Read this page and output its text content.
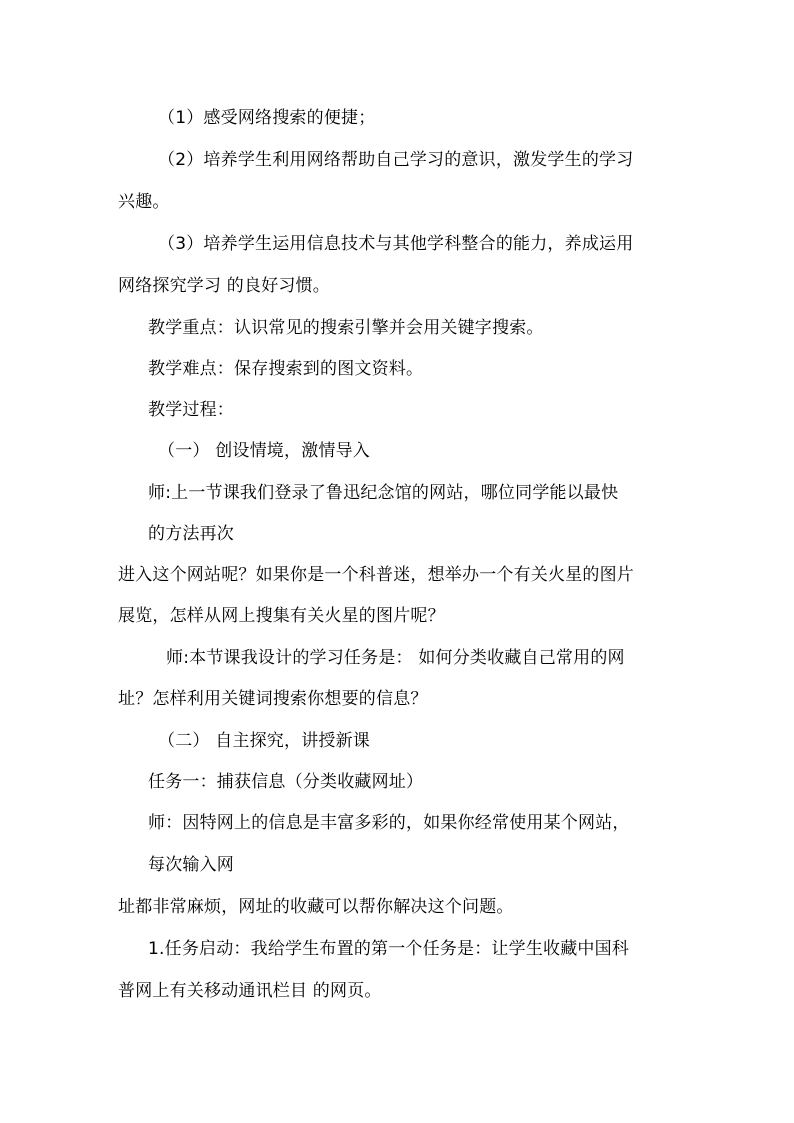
（1）感受网络搜索的便捷；
（2）培养学生利用网络帮助自己学习的意识，激发学生的学习
兴趣。
（3）培养学生运用信息技术与其他学科整合的能力，养成运用
网络探究学习 的良好习惯。
教学重点：认识常见的搜索引擎并会用关键字搜索。
教学难点：保存搜索到的图文资料。
教学过程：
（一） 创设情境，激情导入
师:上一节课我们登录了鲁迅纪念馆的网站，哪位同学能以最快
的方法再次
进入这个网站呢？如果你是一个科普迷，想举办一个有关火星的图片
展览，怎样从网上搜集有关火星的图片呢？
师:本节课我设计的学习任务是： 如何分类收藏自己常用的网
址？怎样利用关键词搜索你想要的信息？
（二） 自主探究，讲授新课
任务一：捕获信息（分类收藏网址）
师：因特网上的信息是丰富多彩的，如果你经常使用某个网站，
每次输入网
址都非常麻烦，网址的收藏可以帮你解决这个问题。
1.任务启动：我给学生布置的第一个任务是：让学生收藏中国科
普网上有关移动通讯栏目 的网页。
